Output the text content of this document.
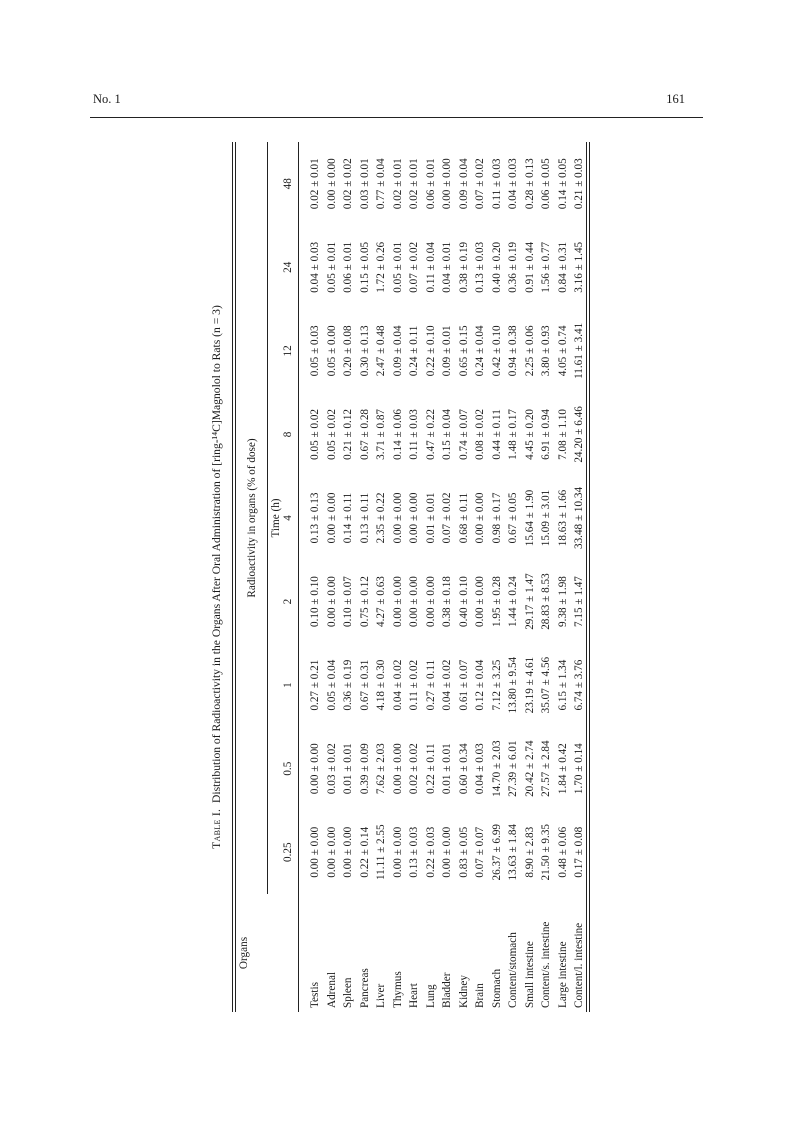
No. 1	161
Table I.  Distribution of Radioactivity in the Organs After Oral Administration of [ring-¹⁴C]Magnolol to Rats (n = 3)
Organs
Radioactivity in organs (% of dose) Time (h)
0.25
0.5
1
2
4
8
12
24
48
Testis
0.00 ± 0.00
0.00 ± 0.00
0.27 ± 0.21
0.10 ± 0.10
0.13 ± 0.13
0.05 ± 0.02
0.05 ± 0.03
0.04 ± 0.03
0.02 ± 0.01
Adrenal
0.00 ± 0.00
0.03 ± 0.02
0.05 ± 0.04
0.00 ± 0.00
0.00 ± 0.00
0.05 ± 0.02
0.05 ± 0.00
0.05 ± 0.01
0.00 ± 0.00
Spleen
0.00 ± 0.00
0.01 ± 0.01
0.36 ± 0.19
0.10 ± 0.07
0.14 ± 0.11
0.21 ± 0.12
0.20 ± 0.08
0.06 ± 0.01
0.02 ± 0.02
Pancreas
0.22 ± 0.14
0.39 ± 0.09
0.67 ± 0.31
0.75 ± 0.12
0.13 ± 0.11
0.67 ± 0.28
0.30 ± 0.13
0.15 ± 0.05
0.03 ± 0.01
Liver
11.11 ± 2.55
7.62 ± 2.03
4.18 ± 0.30
4.27 ± 0.63
2.35 ± 0.22
3.71 ± 0.87
2.47 ± 0.48
1.72 ± 0.26
0.77 ± 0.04
Thymus
0.00 ± 0.00
0.00 ± 0.00
0.04 ± 0.02
0.00 ± 0.00
0.00 ± 0.00
0.14 ± 0.06
0.09 ± 0.04
0.05 ± 0.01
0.02 ± 0.01
Heart
0.13 ± 0.03
0.02 ± 0.02
0.11 ± 0.02
0.00 ± 0.00
0.00 ± 0.00
0.11 ± 0.03
0.24 ± 0.11
0.07 ± 0.02
0.02 ± 0.01
Lung
0.22 ± 0.03
0.22 ± 0.11
0.27 ± 0.11
0.00 ± 0.00
0.01 ± 0.01
0.47 ± 0.22
0.22 ± 0.10
0.11 ± 0.04
0.06 ± 0.01
Bladder
0.00 ± 0.00
0.01 ± 0.01
0.04 ± 0.02
0.38 ± 0.18
0.07 ± 0.02
0.15 ± 0.04
0.09 ± 0.01
0.04 ± 0.01
0.00 ± 0.00
Kidney
0.83 ± 0.05
0.60 ± 0.34
0.61 ± 0.07
0.40 ± 0.10
0.68 ± 0.11
0.74 ± 0.07
0.65 ± 0.15
0.38 ± 0.19
0.09 ± 0.04
Brain
0.07 ± 0.07
0.04 ± 0.03
0.12 ± 0.04
0.00 ± 0.00
0.00 ± 0.00
0.08 ± 0.02
0.24 ± 0.04
0.13 ± 0.03
0.07 ± 0.02
Stomach
26.37 ± 6.99
14.70 ± 2.03
7.12 ± 3.25
1.95 ± 0.28
0.98 ± 0.17
0.44 ± 0.11
0.42 ± 0.10
0.40 ± 0.20
0.11 ± 0.03
Content/stomach
13.63 ± 1.84
27.39 ± 6.01
13.80 ± 9.54
1.44 ± 0.24
0.67 ± 0.05
1.48 ± 0.17
0.94 ± 0.38
0.36 ± 0.19
0.04 ± 0.03
Small intestine
8.90 ± 2.83
20.42 ± 2.74
23.19 ± 4.61
29.17 ± 1.47
15.64 ± 1.90
4.45 ± 0.20
2.25 ± 0.06
0.91 ± 0.44
0.28 ± 0.13
Content/s. intestine
21.50 ± 9.35
27.57 ± 2.84
35.07 ± 4.56
28.83 ± 8.53
15.09 ± 3.01
6.91 ± 0.94
3.80 ± 0.93
1.56 ± 0.77
0.06 ± 0.05
Large intestine
0.48 ± 0.06
1.84 ± 0.42
6.15 ± 1.34
9.38 ± 1.98
18.63 ± 1.66
7.08 ± 1.10
4.05 ± 0.74
0.84 ± 0.31
0.14 ± 0.05
Content/l. intestine
0.17 ± 0.08
1.70 ± 0.14
6.74 ± 3.76
7.15 ± 1.47
33.48 ± 10.34
24.20 ± 6.46
11.61 ± 3.41
3.16 ± 1.45
0.21 ± 0.03
